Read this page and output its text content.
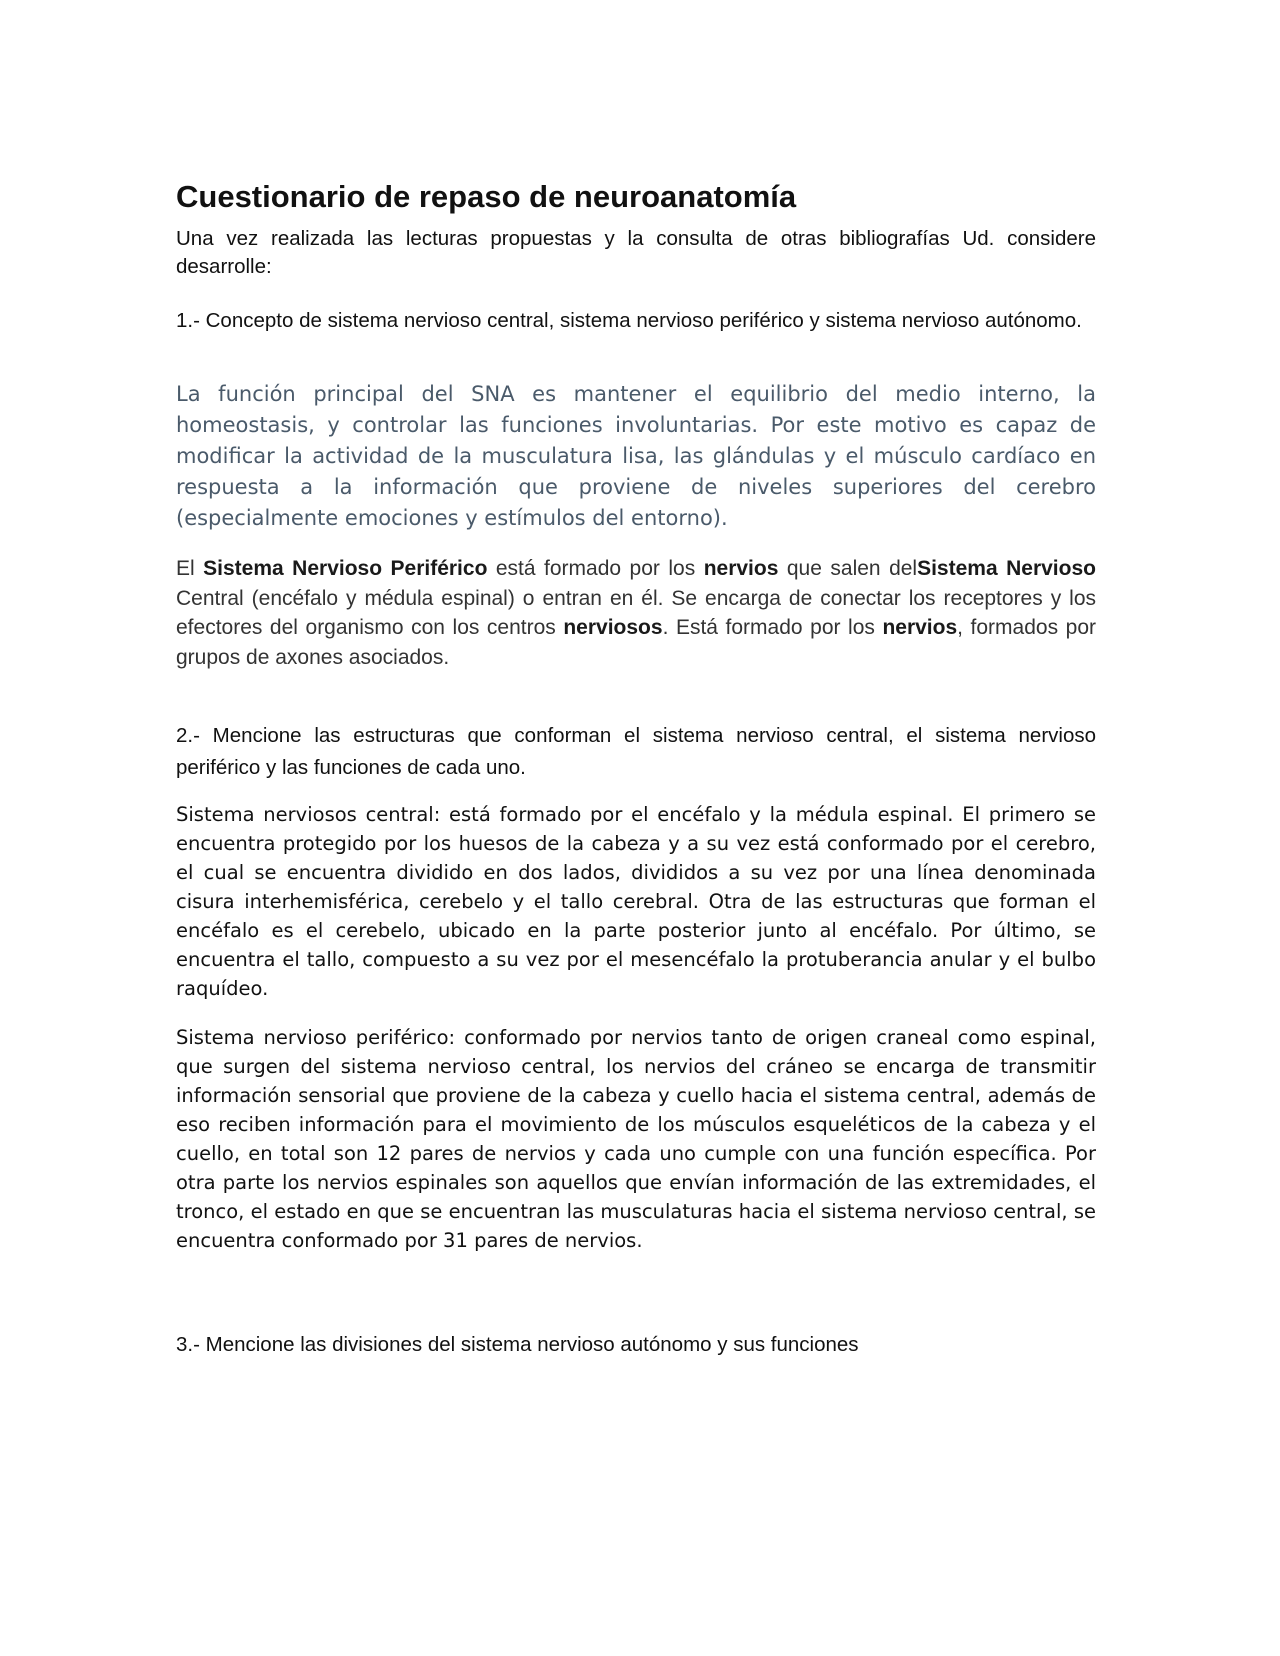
Cuestionario de repaso de neuroanatomía

Una vez realizada las lecturas propuestas y la consulta de otras bibliografías Ud. considere desarrolle:

1.- Concepto de sistema nervioso central, sistema nervioso periférico y sistema nervioso autónomo.

La función principal del SNA es mantener el equilibrio del medio interno, la homeostasis, y controlar las funciones involuntarias. Por este motivo es capaz de modificar la actividad de la musculatura lisa, las glándulas y el músculo cardíaco en respuesta a la información que proviene de niveles superiores del cerebro (especialmente emociones y estímulos del entorno).

El Sistema Nervioso Periférico está formado por los nervios que salen delSistema Nervioso Central (encéfalo y médula espinal) o entran en él. Se encarga de conectar los receptores y los efectores del organismo con los centros nerviosos. Está formado por los nervios, formados por grupos de axones asociados.

2.- Mencione las estructuras que conforman el sistema nervioso central, el sistema nervioso periférico y las funciones de cada uno.

Sistema nerviosos central: está formado por el encéfalo y la médula espinal. El primero se encuentra protegido por los huesos de la cabeza y a su vez está conformado por el cerebro, el cual se encuentra dividido en dos lados, divididos a su vez por una línea denominada cisura interhemisférica, cerebelo y el tallo cerebral. Otra de las estructuras que forman el encéfalo es el cerebelo, ubicado en la parte posterior junto al encéfalo. Por último, se encuentra el tallo, compuesto a su vez por el mesencéfalo la protuberancia anular y el bulbo raquídeo.

Sistema nervioso periférico: conformado por nervios tanto de origen craneal como espinal, que surgen del sistema nervioso central, los nervios del cráneo se encarga de transmitir información sensorial que proviene de la cabeza y cuello hacia el sistema central, además de eso reciben información para el movimiento de los músculos esqueléticos de la cabeza y el cuello, en total son 12 pares de nervios y cada uno cumple con una función específica. Por otra parte los nervios espinales son aquellos que envían información de las extremidades, el tronco, el estado en que se encuentran las musculaturas hacia el sistema nervioso central, se encuentra conformado por 31 pares de nervios.

3.- Mencione las divisiones del sistema nervioso autónomo y sus funciones
